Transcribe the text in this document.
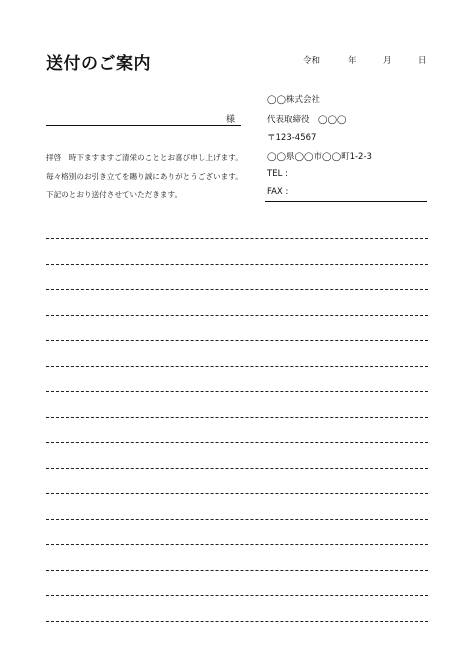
送付のご案内	令和	年	月	日
様
◯◯株式会社
代表取締役　◯◯◯
〒123-4567
◯◯県◯◯市◯◯町1-2-3
TEL :
FAX :
拝啓　時下ますますご清栄のこととお喜び申し上げます。
毎々格別のお引き立てを賜り誠にありがとうございます。
下記のとおり送付させていただきます。
